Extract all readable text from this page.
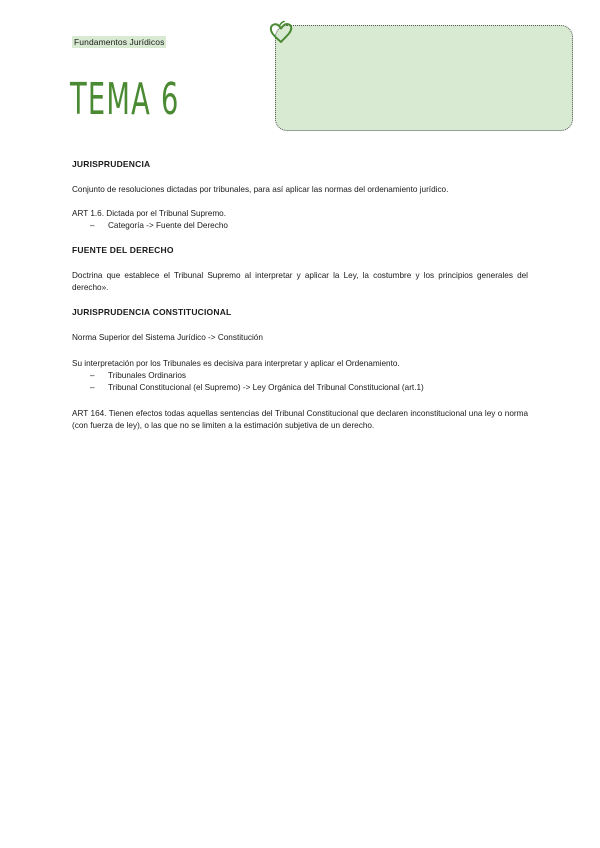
Fundamentos Jurídicos
TEMA 6

JURISPRUDENCIA

Conjunto de resoluciones dictadas por tribunales, para así aplicar las normas del ordenamiento jurídico.

ART 1.6. Dictada por el Tribunal Supremo.

– Categoría -> Fuente del Derecho

FUENTE DEL DERECHO

Doctrina que establece el Tribunal Supremo al interpretar y aplicar la Ley, la costumbre y los principios generales del derecho».

JURISPRUDENCIA CONSTITUCIONAL

Norma Superior del Sistema Jurídico -> Constitución

Su interpretación por los Tribunales es decisiva para interpretar y aplicar el Ordenamiento.

– Tribunales Ordinarios
– Tribunal Constitucional (el Supremo) -> Ley Orgánica del Tribunal Constitucional (art.1)

ART 164. Tienen efectos todas aquellas sentencias del Tribunal Constitucional que declaren inconstitucional una ley o norma (con fuerza de ley), o las que no se limiten a la estimación subjetiva de un derecho.
